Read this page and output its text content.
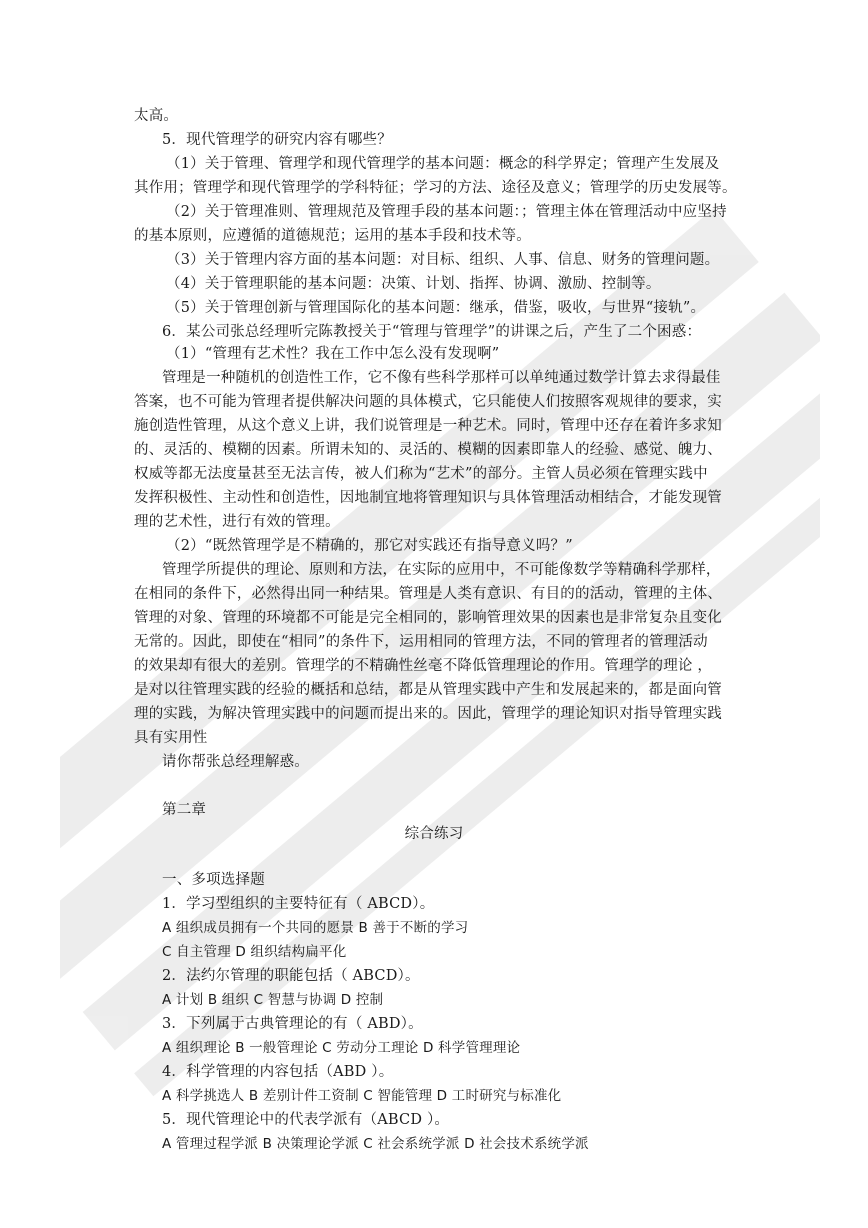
太高。
5．现代管理学的研究内容有哪些？
（1）关于管理、管理学和现代管理学的基本问题：概念的科学界定；管理产生发展及
其作用；管理学和现代管理学的学科特征；学习的方法、途径及意义；管理学的历史发展等。
（2）关于管理准则、管理规范及管理手段的基本问题：；管理主体在管理活动中应坚持
的基本原则，应遵循的道德规范；运用的基本手段和技术等。
（3）关于管理内容方面的基本问题：对目标、组织、人事、信息、财务的管理问题。
（4）关于管理职能的基本问题：决策、计划、指挥、协调、激励、控制等。
（5）关于管理创新与管理国际化的基本问题：继承，借鉴，吸收，与世界“接轨”。
6．某公司张总经理听完陈教授关于“管理与管理学”的讲课之后，产生了二个困惑：
（1）“管理有艺术性？我在工作中怎么没有发现啊”
管理是一种随机的创造性工作，它不像有些科学那样可以单纯通过数学计算去求得最佳
答案，也不可能为管理者提供解决问题的具体模式，它只能使人们按照客观规律的要求，实
施创造性管理，从这个意义上讲，我们说管理是一种艺术。同时，管理中还存在着许多求知
的、灵活的、模糊的因素。所谓未知的、灵活的、模糊的因素即靠人的经验、感觉、魄力、
权威等都无法度量甚至无法言传，被人们称为“艺术”的部分。主管人员必须在管理实践中
发挥积极性、主动性和创造性，因地制宜地将管理知识与具体管理活动相结合，才能发现管
理的艺术性，进行有效的管理。
（2）“既然管理学是不精确的，那它对实践还有指导意义吗？”
管理学所提供的理论、原则和方法，在实际的应用中，不可能像数学等精确科学那样，
在相同的条件下，必然得出同一种结果。管理是人类有意识、有目的的活动，管理的主体、
管理的对象、管理的环境都不可能是完全相同的，影响管理效果的因素也是非常复杂且变化
无常的。因此，即使在“相同”的条件下，运用相同的管理方法，不同的管理者的管理活动
的效果却有很大的差别。管理学的不精确性丝毫不降低管理理论的作用。管理学的理论 ，
是对以往管理实践的经验的概括和总结，都是从管理实践中产生和发展起来的，都是面向管
理的实践，为解决管理实践中的问题而提出来的。因此，管理学的理论知识对指导管理实践
具有实用性
请你帮张总经理解惑。
第二章
综合练习
一、多项选择题
1．学习型组织的主要特征有（ ABCD）。
A 组织成员拥有一个共同的愿景 B 善于不断的学习
C 自主管理 D 组织结构扁平化
2．法约尔管理的职能包括（ ABCD）。
A 计划 B 组织 C 智慧与协调 D 控制
3．下列属于古典管理论的有（ ABD）。
A 组织理论 B 一般管理论 C 劳动分工理论 D 科学管理理论
4．科学管理的内容包括（ABD ）。
A 科学挑选人 B 差别计件工资制 C 智能管理 D 工时研究与标准化
5．现代管理论中的代表学派有（ABCD ）。
A 管理过程学派 B 决策理论学派 C 社会系统学派 D 社会技术系统学派
